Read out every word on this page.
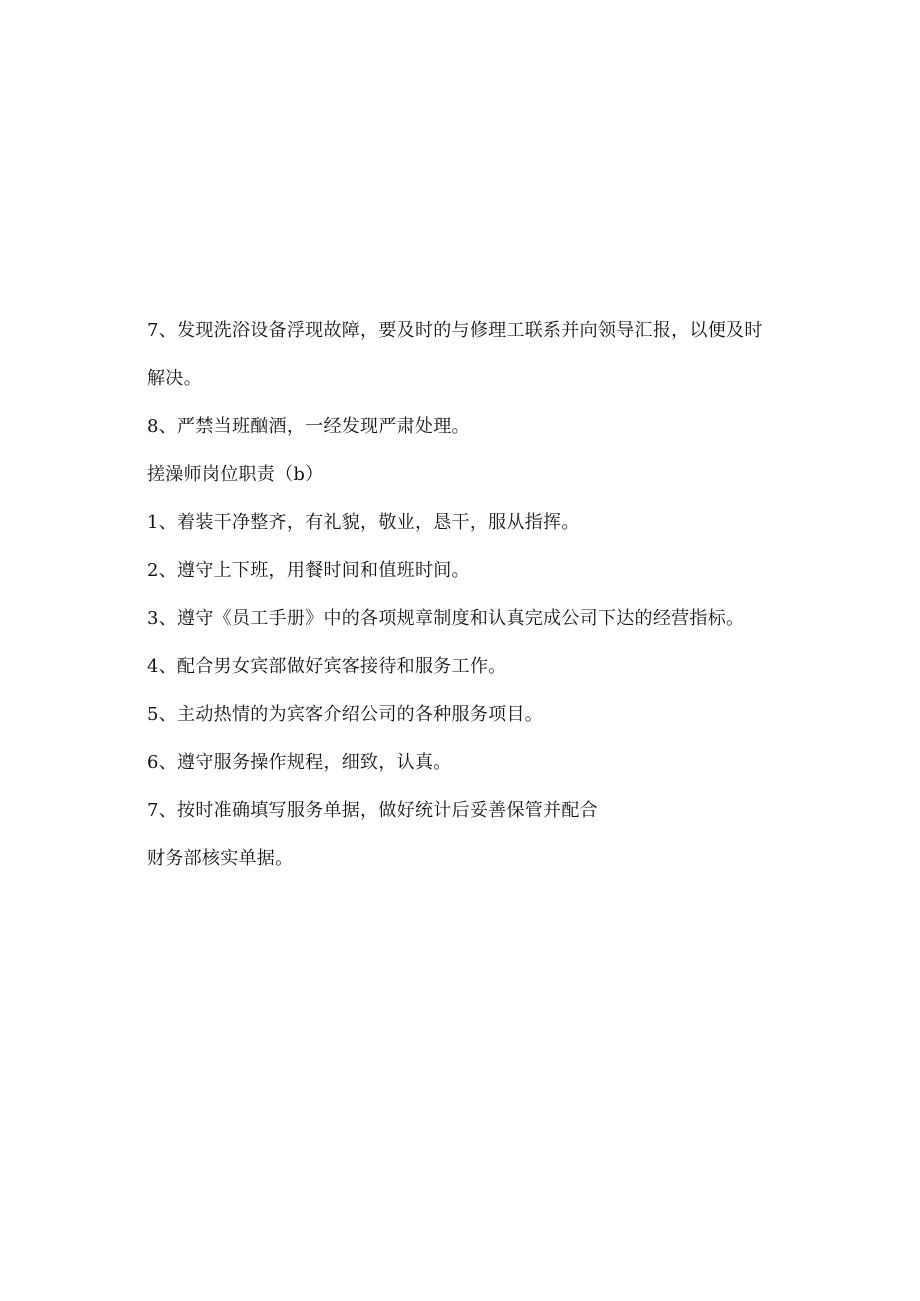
7、发现洗浴设备浮现故障，要及时的与修理工联系并向领导汇报，以便及时

解决。

8、严禁当班酗酒，一经发现严肃处理。

搓澡师岗位职责（b）

1、着装干净整齐，有礼貌，敬业，恳干，服从指挥。

2、遵守上下班，用餐时间和值班时间。

3、遵守《员工手册》中的各项规章制度和认真完成公司下达的经营指标。

4、配合男女宾部做好宾客接待和服务工作。

5、主动热情的为宾客介绍公司的各种服务项目。

6、遵守服务操作规程，细致，认真。

7、按时准确填写服务单据，做好统计后妥善保管并配合

财务部核实单据。
